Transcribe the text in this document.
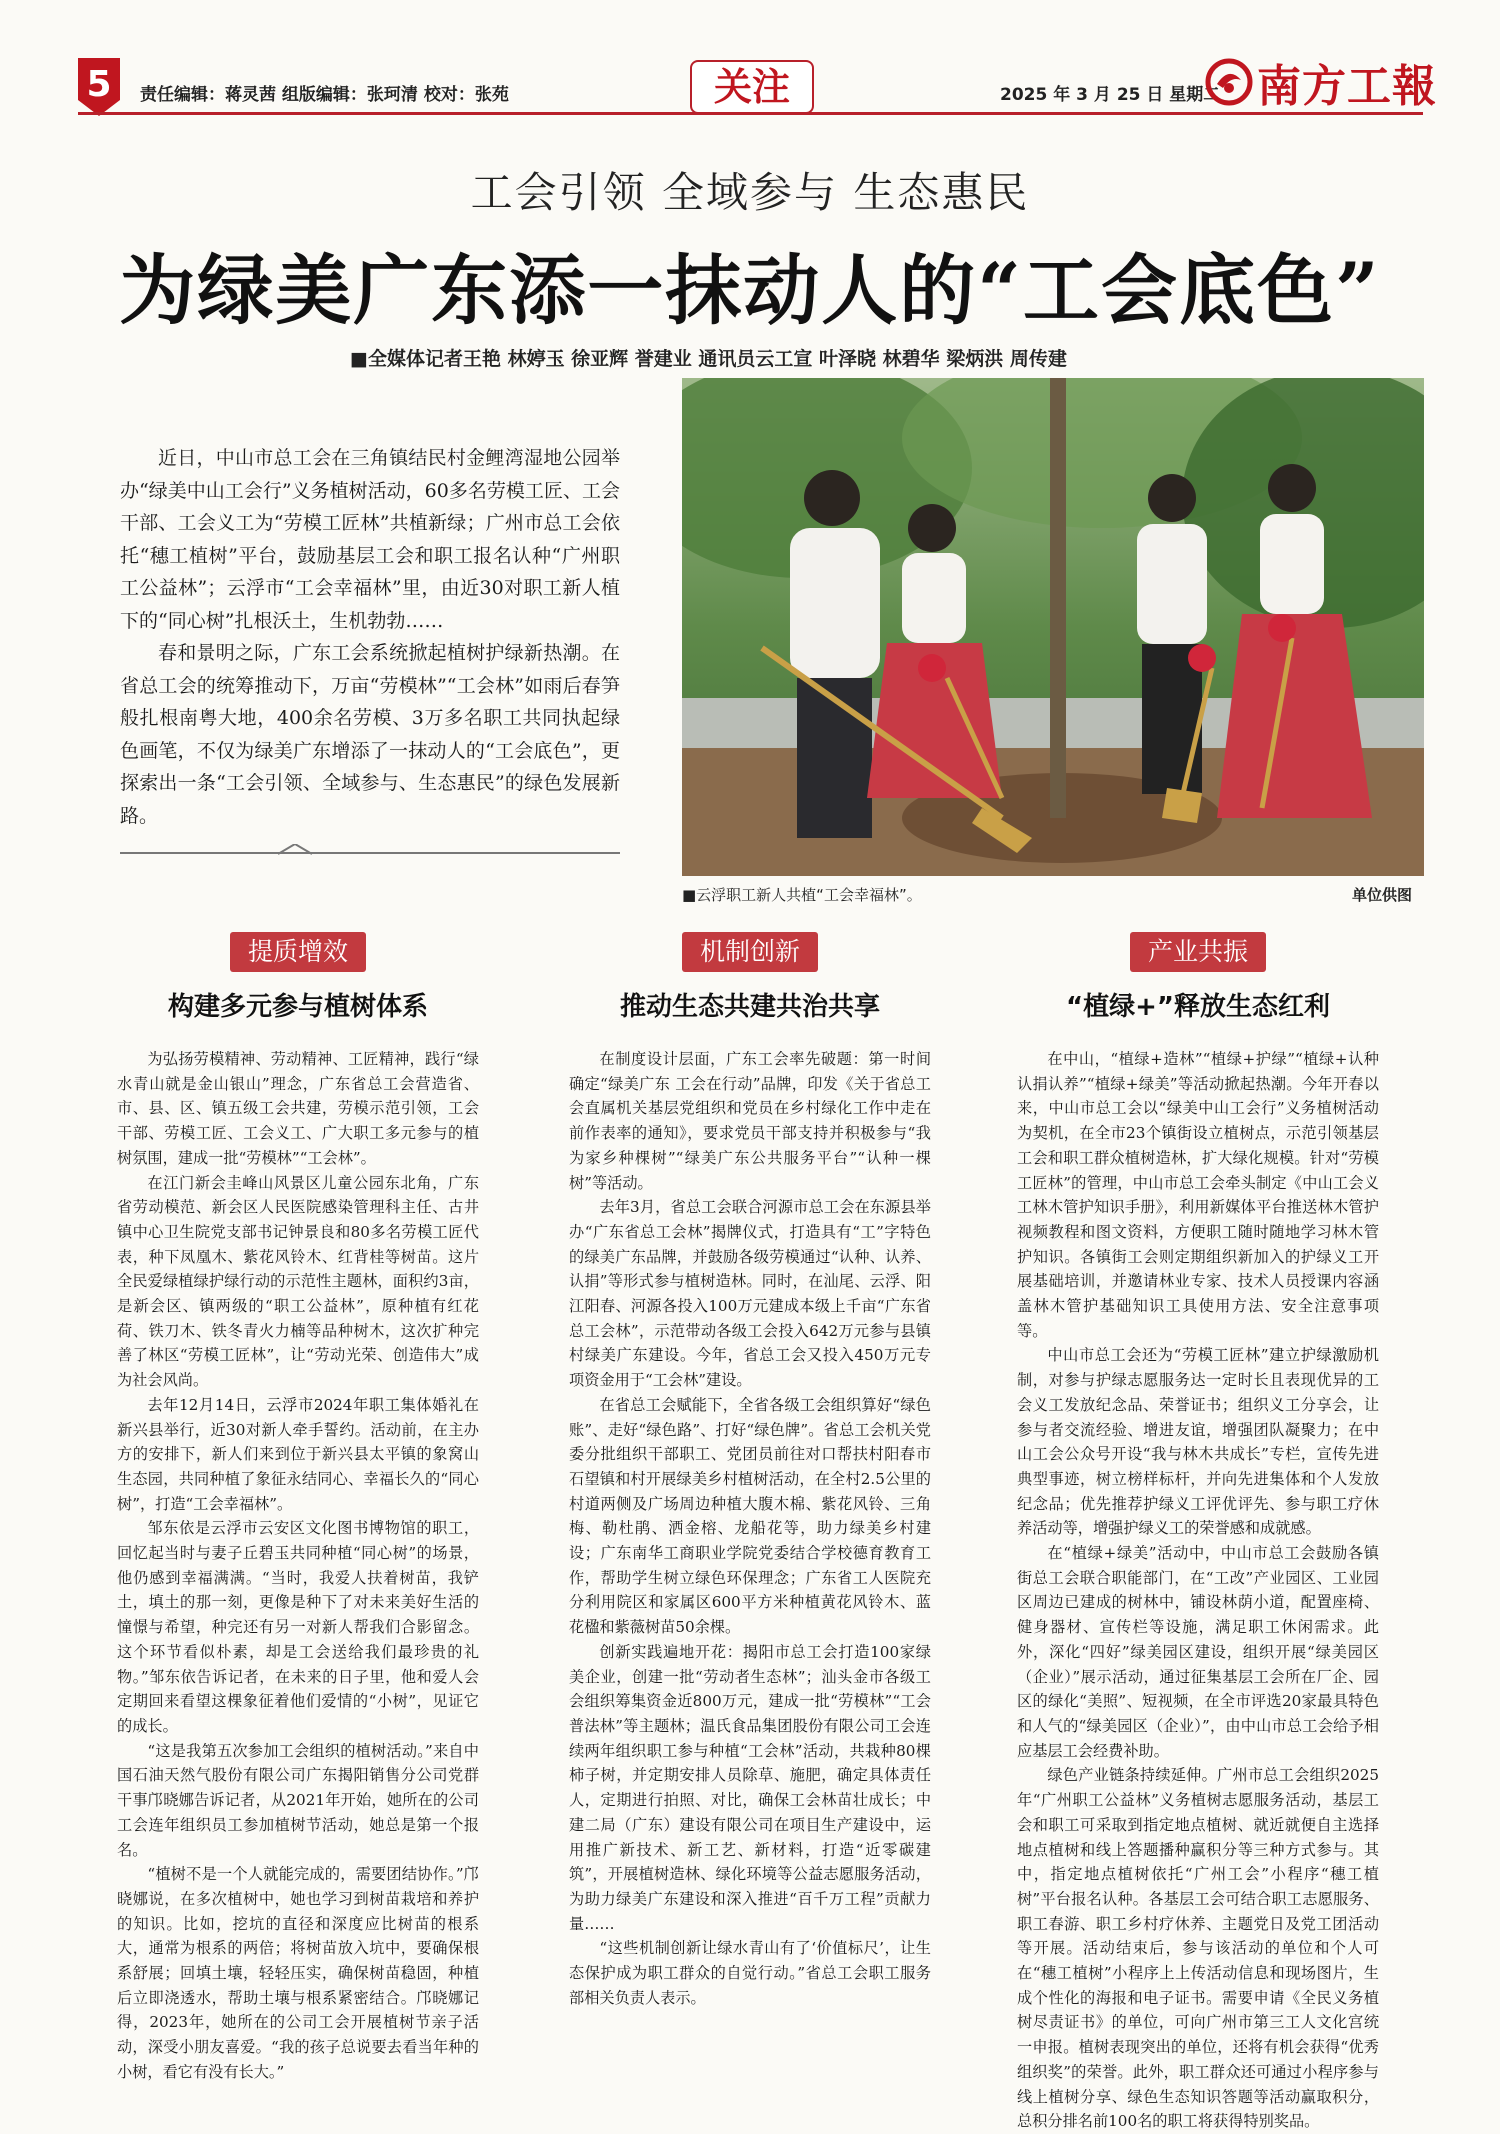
5	责任编辑：蒋灵茜 组版编辑：张珂清 校对：张苑	关注	2025 年 3 月 25 日 星期二 南方工報
工会引领 全域参与 生态惠民
为绿美广东添一抹动人的“工会底色”
■全媒体记者王艳 林婷玉 徐亚辉 誉建业 通讯员云工宣 叶泽晓 林碧华 梁炳洪 周传建

近日，中山市总工会在三角镇结民村金鲤湾湿地公园举办“绿美中山工会行”义务植树活动，60多名劳模工匠、工会干部、工会义工为“劳模工匠林”共植新绿；广州市总工会依托“穗工植树”平台，鼓励基层工会和职工报名认种“广州职工公益林”；云浮市“工会幸福林”里，由近30对职工新人植下的“同心树”扎根沃土，生机勃勃……

春和景明之际，广东工会系统掀起植树护绿新热潮。在省总工会的统筹推动下，万亩“劳模林”“工会林”如雨后春笋般扎根南粤大地，400余名劳模、3万多名职工共同执起绿色画笔，不仅为绿美广东增添了一抹动人的“工会底色”，更探索出一条“工会引领、全域参与、生态惠民”的绿色发展新路。

■云浮职工新人共植“工会幸福林”。	单位供图
提质增效
构建多元参与植树体系

为弘扬劳模精神、劳动精神、工匠精神，践行“绿水青山就是金山银山”理念，广东省总工会营造省、市、县、区、镇五级工会共建，劳模示范引领，工会干部、劳模工匠、工会义工、广大职工多元参与的植树氛围，建成一批“劳模林”“工会林”。

在江门新会圭峰山风景区儿童公园东北角，广东省劳动模范、新会区人民医院感染管理科主任、古井镇中心卫生院党支部书记钟景良和80多名劳模工匠代表，种下凤凰木、紫花风铃木、红背桂等树苗。这片全民爱绿植绿护绿行动的示范性主题林，面积约3亩，是新会区、镇两级的“职工公益林”，原种植有红花荷、铁刀木、铁冬青火力楠等品种树木，这次扩种完善了林区“劳模工匠林”，让“劳动光荣、创造伟大”成为社会风尚。

去年12月14日，云浮市2024年职工集体婚礼在新兴县举行，近30对新人牵手誓约。活动前，在主办方的安排下，新人们来到位于新兴县太平镇的象窝山生态园，共同种植了象征永结同心、幸福长久的“同心树”，打造“工会幸福林”。

邹东依是云浮市云安区文化图书博物馆的职工，回忆起当时与妻子丘碧玉共同种植“同心树”的场景，他仍感到幸福满满。“当时，我爱人扶着树苗，我铲土，填土的那一刻，更像是种下了对未来美好生活的憧憬与希望，种完还有另一对新人帮我们合影留念。这个环节看似朴素，却是工会送给我们最珍贵的礼物。”邹东依告诉记者，在未来的日子里，他和爱人会定期回来看望这棵象征着他们爱情的“小树”，见证它的成长。

“这是我第五次参加工会组织的植树活动。”来自中国石油天然气股份有限公司广东揭阳销售分公司党群干事邝晓娜告诉记者，从2021年开始，她所在的公司工会连年组织员工参加植树节活动，她总是第一个报名。

“植树不是一个人就能完成的，需要团结协作。”邝晓娜说，在多次植树中，她也学习到树苗栽培和养护的知识。比如，挖坑的直径和深度应比树苗的根系大，通常为根系的两倍；将树苗放入坑中，要确保根系舒展；回填土壤，轻轻压实，确保树苗稳固，种植后立即浇透水，帮助土壤与根系紧密结合。邝晓娜记得，2023年，她所在的公司工会开展植树节亲子活动，深受小朋友喜爱。“我的孩子总说要去看当年种的小树，看它有没有长大。”

机制创新
推动生态共建共治共享

在制度设计层面，广东工会率先破题：第一时间确定“绿美广东 工会在行动”品牌，印发《关于省总工会直属机关基层党组织和党员在乡村绿化工作中走在前作表率的通知》，要求党员干部支持并积极参与“我为家乡种棵树”“绿美广东公共服务平台”“认种一棵树”等活动。

去年3月，省总工会联合河源市总工会在东源县举办“广东省总工会林”揭牌仪式，打造具有“工”字特色的绿美广东品牌，并鼓励各级劳模通过“认种、认养、认捐”等形式参与植树造林。同时，在汕尾、云浮、阳江阳春、河源各投入100万元建成本级上千亩“广东省总工会林”，示范带动各级工会投入642万元参与县镇村绿美广东建设。今年，省总工会又投入450万元专项资金用于“工会林”建设。

在省总工会赋能下，全省各级工会组织算好“绿色账”、走好“绿色路”、打好“绿色牌”。省总工会机关党委分批组织干部职工、党团员前往对口帮扶村阳春市石望镇和村开展绿美乡村植树活动，在全村2.5公里的村道两侧及广场周边种植大腹木棉、紫花风铃、三角梅、勒杜鹃、洒金榕、龙船花等，助力绿美乡村建设；广东南华工商职业学院党委结合学校德育教育工作，帮助学生树立绿色环保理念；广东省工人医院充分利用院区和家属区600平方米种植黄花风铃木、蓝花楹和紫薇树苗50余棵。

创新实践遍地开花：揭阳市总工会打造100家绿美企业，创建一批“劳动者生态林”；汕头金市各级工会组织筹集资金近800万元，建成一批“劳模林”“工会普法林”等主题林；温氏食品集团股份有限公司工会连续两年组织职工参与种植“工会林”活动，共栽种80棵柿子树，并定期安排人员除草、施肥，确定具体责任人，定期进行拍照、对比，确保工会林苗壮成长；中建二局（广东）建设有限公司在项目生产建设中，运用推广新技术、新工艺、新材料，打造“近零碳建筑”，开展植树造林、绿化环境等公益志愿服务活动，为助力绿美广东建设和深入推进“百千万工程”贡献力量……

“这些机制创新让绿水青山有了‘价值标尺’，让生态保护成为职工群众的自觉行动。”省总工会职工服务部相关负责人表示。

产业共振
“植绿+”释放生态红利

在中山，“植绿+造林”“植绿+护绿”“植绿+认种认捐认养”“植绿+绿美”等活动掀起热潮。今年开春以来，中山市总工会以“绿美中山工会行”义务植树活动为契机，在全市23个镇街设立植树点，示范引领基层工会和职工群众植树造林，扩大绿化规模。针对“劳模工匠林”的管理，中山市总工会牵头制定《中山工会义工林木管护知识手册》，利用新媒体平台推送林木管护视频教程和图文资料，方便职工随时随地学习林木管护知识。各镇街工会则定期组织新加入的护绿义工开展基础培训，并邀请林业专家、技术人员授课内容涵盖林木管护基础知识工具使用方法、安全注意事项等。

中山市总工会还为“劳模工匠林”建立护绿激励机制，对参与护绿志愿服务达一定时长且表现优异的工会义工发放纪念品、荣誉证书；组织义工分享会，让参与者交流经验、增进友谊，增强团队凝聚力；在中山工会公众号开设“我与林木共成长”专栏，宣传先进典型事迹，树立榜样标杆，并向先进集体和个人发放纪念品；优先推荐护绿义工评优评先、参与职工疗休养活动等，增强护绿义工的荣誉感和成就感。

在“植绿+绿美”活动中，中山市总工会鼓励各镇街总工会联合职能部门，在“工改”产业园区、工业园区周边已建成的树林中，铺设林荫小道，配置座椅、健身器材、宣传栏等设施，满足职工休闲需求。此外，深化“四好”绿美园区建设，组织开展“绿美园区（企业）”展示活动，通过征集基层工会所在厂企、园区的绿化“美照”、短视频，在全市评选20家最具特色和人气的“绿美园区（企业）”，由中山市总工会给予相应基层工会经费补助。

绿色产业链条持续延伸。广州市总工会组织2025年“广州职工公益林”义务植树志愿服务活动，基层工会和职工可采取到指定地点植树、就近就便自主选择地点植树和线上答题播种赢积分等三种方式参与。其中，指定地点植树依托“广州工会”小程序“穗工植树”平台报名认种。各基层工会可结合职工志愿服务、职工春游、职工乡村疗休养、主题党日及党工团活动等开展。活动结束后，参与该活动的单位和个人可在“穗工植树”小程序上上传活动信息和现场图片，生成个性化的海报和电子证书。需要申请《全民义务植树尽责证书》的单位，可向广州市第三工人文化宫统一申报。植树表现突出的单位，还将有机会获得“优秀组织奖”的荣誉。此外，职工群众还可通过小程序参与线上植树分享、绿色生态知识答题等活动赢取积分，总积分排名前100名的职工将获得特别奖品。
